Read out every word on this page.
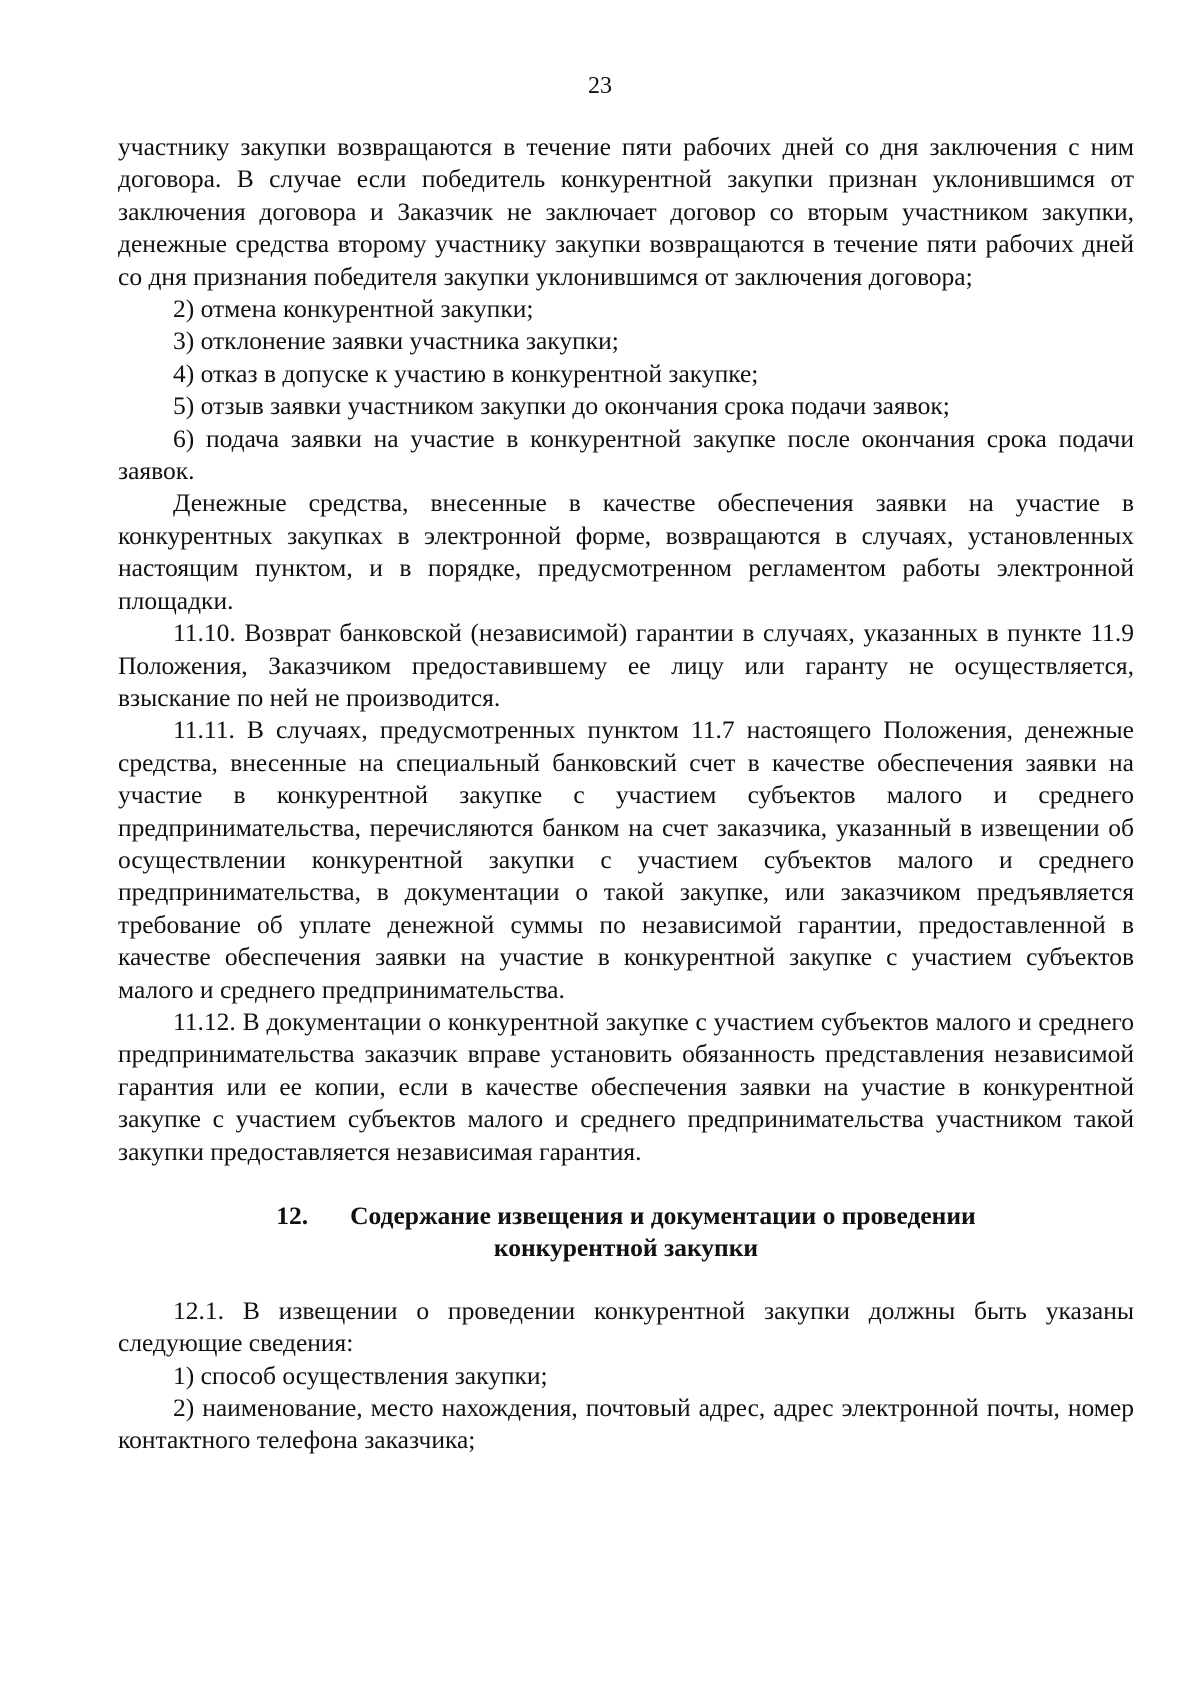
23

участнику закупки возвращаются в течение пяти рабочих дней со дня заключения с ним договора. В случае если победитель конкурентной закупки признан уклонившимся от заключения договора и Заказчик не заключает договор со вторым участником закупки, денежные средства второму участнику закупки возвращаются в течение пяти рабочих дней со дня признания победителя закупки уклонившимся от заключения договора;

2) отмена конкурентной закупки;

3) отклонение заявки участника закупки;

4) отказ в допуске к участию в конкурентной закупке;

5) отзыв заявки участником закупки до окончания срока подачи заявок;

6) подача заявки на участие в конкурентной закупке после окончания срока подачи заявок.

Денежные средства, внесенные в качестве обеспечения заявки на участие в конкурентных закупках в электронной форме, возвращаются в случаях, установленных настоящим пунктом, и в порядке, предусмотренном регламентом работы электронной площадки.

11.10. Возврат банковской (независимой) гарантии в случаях, указанных в пункте 11.9 Положения, Заказчиком предоставившему ее лицу или гаранту не осуществляется, взыскание по ней не производится.

11.11. В случаях, предусмотренных пунктом 11.7 настоящего Положения, денежные средства, внесенные на специальный банковский счет в качестве обеспечения заявки на участие в конкурентной закупке с участием субъектов малого и среднего предпринимательства, перечисляются банком на счет заказчика, указанный в извещении об осуществлении конкурентной закупки с участием субъектов малого и среднего предпринимательства, в документации о такой закупке, или заказчиком предъявляется требование об уплате денежной суммы по независимой гарантии, предоставленной в качестве обеспечения заявки на участие в конкурентной закупке с участием субъектов малого и среднего предпринимательства.

11.12. В документации о конкурентной закупке с участием субъектов малого и среднего предпринимательства заказчик вправе установить обязанность представления независимой гарантия или ее копии, если в качестве обеспечения заявки на участие в конкурентной закупке с участием субъектов малого и среднего предпринимательства участником такой закупки предоставляется независимая гарантия.

12. Содержание извещения и документации о проведении
конкурентной закупки

12.1. В извещении о проведении конкурентной закупки должны быть указаны следующие сведения:

1) способ осуществления закупки;

2) наименование, место нахождения, почтовый адрес, адрес электронной почты, номер контактного телефона заказчика;
